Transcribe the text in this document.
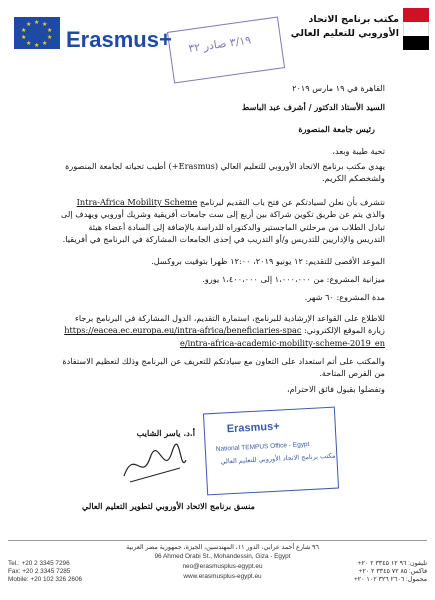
★ ★
★
★
★
★
★
★
★
★
Erasmus+ ٣/١٩ ﺻﺎﺩﺭ ٣٢
مكتب برنامج الاتحاد
الأوروبي للتعليم العالي
القاهرة في ١٩ مارس ٢٠١٩
السيد الأستاذ الدكتور / أشرف عبد الباسط
رئيس جامعة المنصورة
تحية طيبة وبعد،
يهدي مكتب برنامج الاتحاد الأوروبي للتعليم العالي (Erasmus+) أطيب تحياته لجامعة المنصورة ولشخصكم الكريم.
نتشرف بأن نعلن لسيادتكم عن فتح باب التقديم لبرنامج Intra-Africa Mobility Scheme والذي يتم عن طريق تكوين شراكة بين أربع إلى ست جامعات أفريقية وشريك أوروبي ويهدف إلى تبادل الطلاب من مرحلتي الماجستير والدكتوراه للدراسة بالإضافة إلى السادة أعضاء هيئة التدريس والإداريين للتدريس و/أو التدريب في إحدى الجامعات المشاركة في البرنامج في أفريقيا.
الموعد الأقصى للتقديم: ١٢ يونيو ٢٠١٩، ١٢:٠٠ ظهرا بتوقيت بروكسل.
ميزانية المشروع: من ١،٠٠٠،٠٠٠ إلى ١،٤٠٠،٠٠٠ يورو.
مدة المشروع: ٦٠ شهر.
للاطلاع على القواعد الإرشادية للبرنامج، استمارة التقديم، الدول المشاركة في البرنامج برجاء زيارة الموقع الإلكتروني: https://eacea.ec.europa.eu/intra-africa/beneficiaries-space/intra-africa-academic-mobility-scheme-2019_en
والمكتب على أتم استعداد على التعاون مع سيادتكم للتعريف عن البرنامج وذلك لتعظيم الاستفادة من الفرص المتاحة.
وتفضلوا بقبول فائق الاحترام،
أ.د. ياسر الشايب	Erasmus+
National TEMPUS Office - Egypt
مكتب برنامج الاتحاد الأوروبي للتعليم العالي
منسق برنامج الاتحاد الأوروبي لتطوير التعليم العالي
Tel.: +20 2 3345 7296
Fax: +20 2 3345 7285
Mobile: +20 102 326 2606
٩٦ شارع أحمد عرابي، الدور ١١، المهندسين، الجيزة، جمهورية مصر العربية
96 Ahmed Orabi St., Mohandessin, Giza - Egypt
neo@erasmusplus-egypt.eu
www.erasmusplus-egypt.eu
تليفون: ٩٦ ١٢ ٣٣٤٥ ٢ ٢٠+
فاكس: ٨٥ ٧٢ ٣٣٤٥ ٢ ٢٠+
محمول: ٢٦٠٦ ٣٢٦ ١٠٢ ٢٠+
